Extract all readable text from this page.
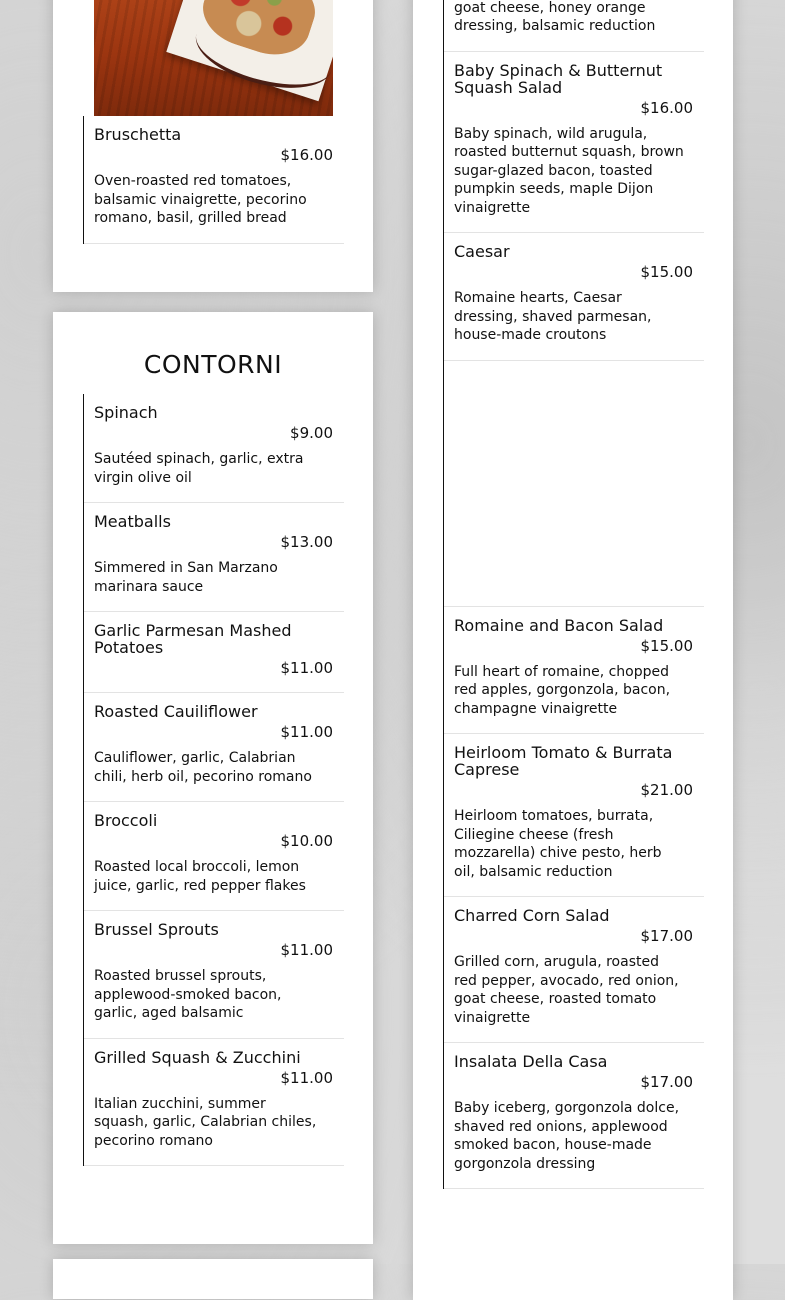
Bruschetta
$16.00
Oven-roasted red tomatoes, balsamic vinaigrette, pecorino romano, basil, grilled bread
CONTORNI
Spinach
$9.00
Sautéed spinach, garlic, extra virgin olive oil
Meatballs
$13.00
Simmered in San Marzano marinara sauce
Garlic Parmesan Mashed Potatoes
$11.00
Roasted Cauiliflower
$11.00
Cauliflower, garlic, Calabrian chili, herb oil, pecorino romano
Broccoli
$10.00
Roasted local broccoli, lemon juice, garlic, red pepper flakes
Brussel Sprouts
$11.00
Roasted brussel sprouts, applewood-smoked bacon, garlic, aged balsamic
Grilled Squash & Zucchini
$11.00
Italian zucchini, summer squash, garlic, Calabrian chiles, pecorino romano
goat cheese, honey orange dressing, balsamic reduction
Baby Spinach & Butternut Squash Salad
$16.00
Baby spinach, wild arugula, roasted butternut squash, brown sugar-glazed bacon, toasted pumpkin seeds, maple Dijon vinaigrette
Caesar
$15.00
Romaine hearts, Caesar dressing, shaved parmesan, house-made croutons
Romaine and Bacon Salad
$15.00
Full heart of romaine, chopped red apples, gorgonzola, bacon, champagne vinaigrette
Heirloom Tomato & Burrata Caprese
$21.00
Heirloom tomatoes, burrata, Ciliegine cheese (fresh mozzarella) chive pesto, herb oil, balsamic reduction
Charred Corn Salad
$17.00
Grilled corn, arugula, roasted red pepper, avocado, red onion, goat cheese, roasted tomato vinaigrette
Insalata Della Casa
$17.00
Baby iceberg, gorgonzola dolce, shaved red onions, applewood smoked bacon, house-made gorgonzola dressing
